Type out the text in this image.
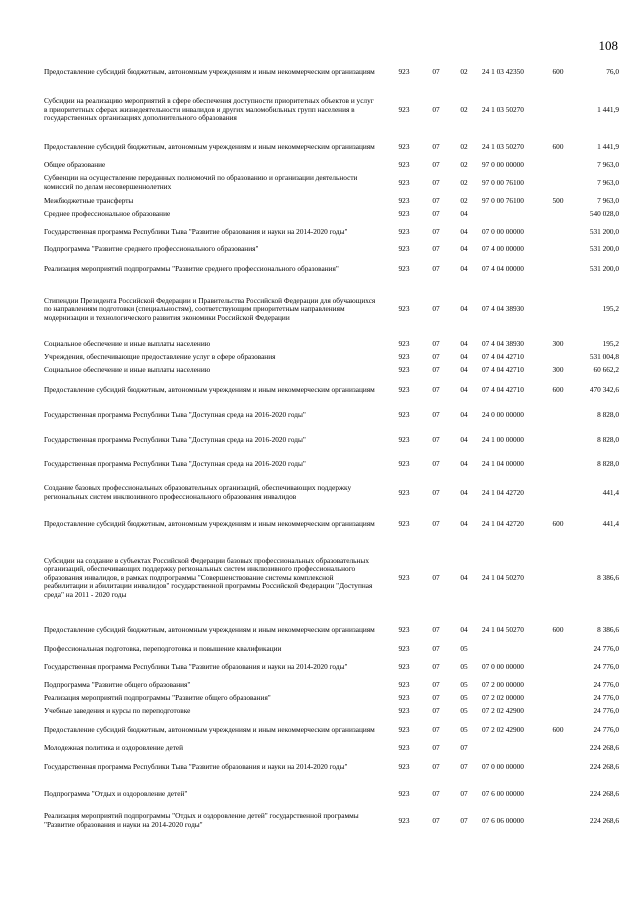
108
Предоставление субсидий бюджетным, автономным учреждениям и иным некоммерческим организациям	923	07	02	24 1 03 42350	600	76,0
Субсидии на реализацию мероприятий в сфере обеспечения доступности приоритетных объектов и услуг в приоритетных сферах жизнедеятельности инвалидов и других маломобильных групп населения в государственных организациях дополнительного образования	923	07	02	24 1 03 50270		1 441,9
Предоставление субсидий бюджетным, автономным учреждениям и иным некоммерческим организациям	923	07	02	24 1 03 50270	600	1 441,9
Общее образование	923	07	02	97 0 00 00000		7 963,0
Субвенции на осуществление переданных полномочий по образованию и организации деятельности комиссий по делам несовершеннолетних	923	07	02	97 0 00 76100		7 963,0
Межбюджетные трансферты	923	07	02	97 0 00 76100	500	7 963,0
Среднее профессиональное образование	923	07	04			540 028,0
Государственная программа Республики Тыва "Развитие образования и науки на 2014-2020 годы"	923	07	04	07 0 00 00000		531 200,0
Подпрограмма "Развитие среднего профессионального образования"	923	07	04	07 4 00 00000		531 200,0
Реализация мероприятий подпрограммы "Развитие среднего профессионального образования"	923	07	04	07 4 04 00000		531 200,0
Стипендии Президента Российской Федерации и Правительства Российской Федерации для обучающихся по направлениям подготовки (специальностям), соответствующим приоритетным направлениям модернизации и технологического развития экономики Российской Федерации	923	07	04	07 4 04 38930		195,2
Социальное обеспечение и иные выплаты населению	923	07	04	07 4 04 38930	300	195,2
Учреждения, обеспечивающие предоставление услуг в сфере образования	923	07	04	07 4 04 42710		531 004,8
Социальное обеспечение и иные выплаты населению	923	07	04	07 4 04 42710	300	60 662,2
Предоставление субсидий бюджетным, автономным учреждениям и иным некоммерческим организациям	923	07	04	07 4 04 42710	600	470 342,6
Государственная программа Республики Тыва "Доступная среда на 2016-2020 годы"	923	07	04	24 0 00 00000		8 828,0
Государственная программа Республики Тыва "Доступная среда на 2016-2020 годы"	923	07	04	24 1 00 00000		8 828,0
Государственная программа Республики Тыва "Доступная среда на 2016-2020 годы"	923	07	04	24 1 04 00000		8 828,0
Создание базовых профессиональных образовательных организаций, обеспечивающих поддержку региональных систем инклюзивного профессионального образования инвалидов	923	07	04	24 1 04 42720		441,4
Предоставление субсидий бюджетным, автономным учреждениям и иным некоммерческим организациям	923	07	04	24 1 04 42720	600	441,4
Субсидии на создание в субъектах Российской Федерации базовых профессиональных образовательных организаций, обеспечивающих поддержку региональных систем инклюзивного профессионального образования инвалидов, в рамках подпрограммы "Совершенствование системы комплексной реабилитации и абилитации инвалидов" государственной программы Российской Федерации "Доступная среда" на 2011 - 2020 годы	923	07	04	24 1 04 50270		8 386,6
Предоставление субсидий бюджетным, автономным учреждениям и иным некоммерческим организациям	923	07	04	24 1 04 50270	600	8 386,6
Профессиональная подготовка, переподготовка и повышение квалификации	923	07	05			24 776,0
Государственная программа Республики Тыва "Развитие образования и науки на 2014-2020 годы"	923	07	05	07 0 00 00000		24 776,0
Подпрограмма "Развитие общего образования"	923	07	05	07 2 00 00000		24 776,0
Реализация мероприятий подпрограммы "Развитие общего образования"	923	07	05	07 2 02 00000		24 776,0
Учебные заведения и курсы по переподготовке	923	07	05	07 2 02 42900		24 776,0
Предоставление субсидий бюджетным, автономным учреждениям и иным некоммерческим организациям	923	07	05	07 2 02 42900	600	24 776,0
Молодежная политика и оздоровление детей	923	07	07			224 268,6
Государственная программа Республики Тыва "Развитие образования и науки на 2014-2020 годы"	923	07	07	07 0 00 00000		224 268,6
Подпрограмма "Отдых и оздоровление детей"	923	07	07	07 6 00 00000		224 268,6
Реализация мероприятий подпрограммы "Отдых и оздоровление детей" государственной программы "Развитие образования и науки на 2014-2020 годы"	923	07	07	07 6 06 00000		224 268,6
